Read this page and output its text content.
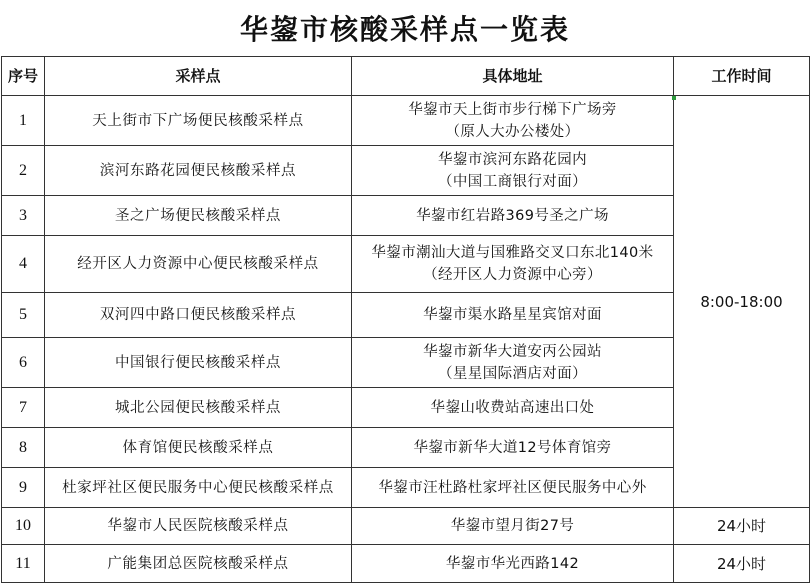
华鋆市核酸采样点一览表
序号	采样点	具体地址	工作时间
1	天上街市下广场便民核酸采样点	华鋆市天上街市步行梯下广场旁
（原人大办公楼处）	8:00-18:00
2	滨河东路花园便民核酸采样点	华鋆市滨河东路花园内
（中国工商银行对面）	

3	圣之广场便民核酸采样点	华鋆市红岩路369号圣之广场	
4	经开区人力资源中心便民核酸采样点	华鋆市潮汕大道与国雅路交叉口东北140米
（经开区人力资源中心旁）	

5	双河四中路口便民核酸采样点	华鋆市渠水路星星宾馆对面	
6	中国银行便民核酸采样点	华鋆市新华大道安丙公园站
（星星国际酒店对面）	

7	城北公园便民核酸采样点	华鋆山收费站高速出口处	
8	体育馆便民核酸采样点	华鋆市新华大道12号体育馆旁	
9	杜家坪社区便民服务中心便民核酸采样点	华鋆市汪杜路杜家坪社区便民服务中心外	
10	华鋆市人民医院核酸采样点	华鋆市望月街27号	24小时
11	广能集团总医院核酸采样点	华鋆市华光西路142	24小时
